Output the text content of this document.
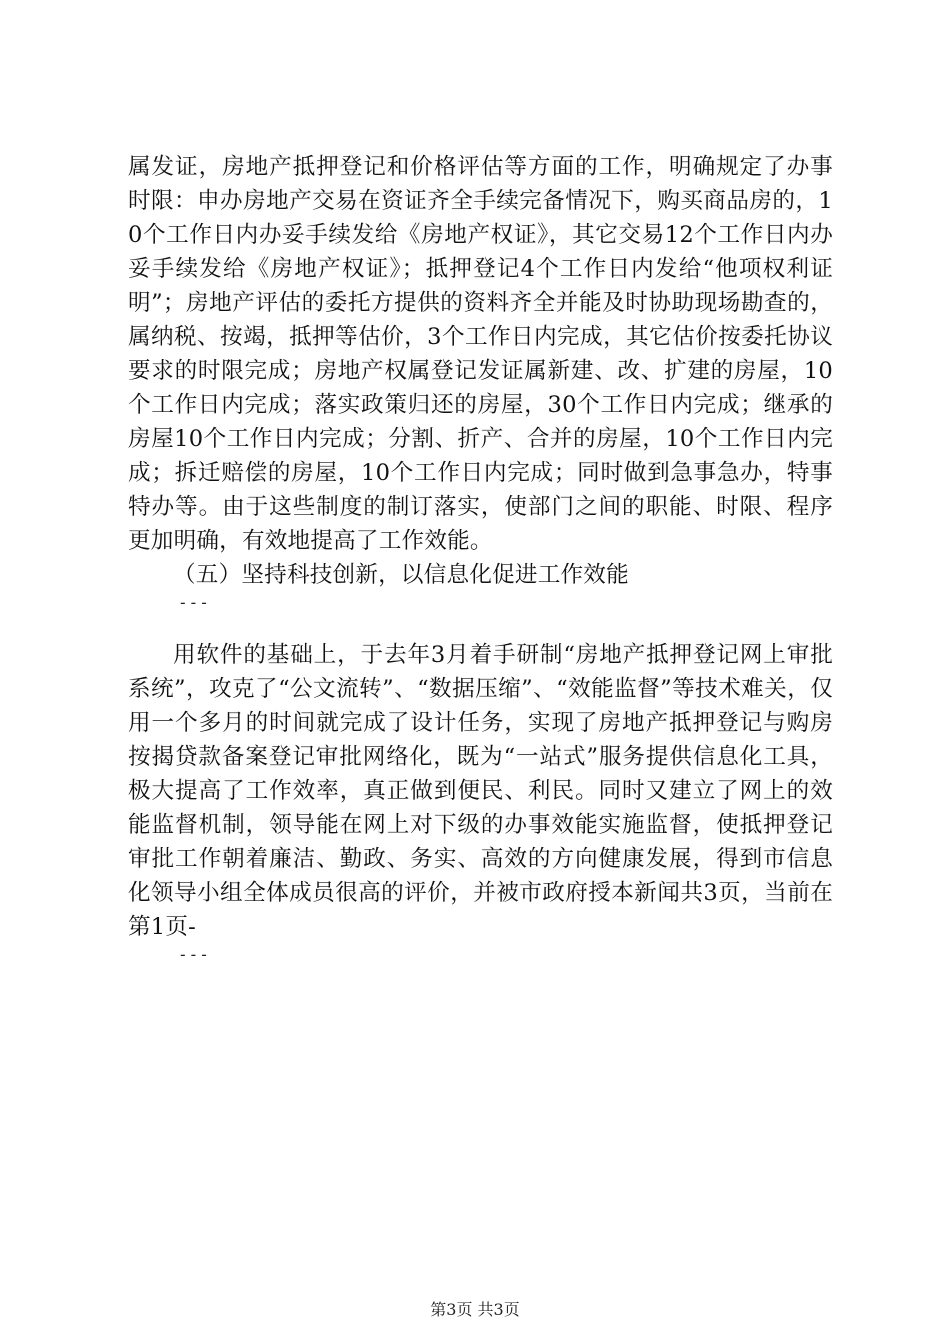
属发证，房地产抵押登记和价格评估等方面的工作，明确规定了办事时限：申办房地产交易在资证齐全手续完备情况下，购买商品房的，10个工作日内办妥手续发给《房地产权证》，其它交易12个工作日内办妥手续发给《房地产权证》；抵押登记4个工作日内发给“他项权利证明”；房地产评估的委托方提供的资料齐全并能及时协助现场勘查的，属纳税、按竭，抵押等估价，3个工作日内完成，其它估价按委托协议要求的时限完成；房地产权属登记发证属新建、改、扩建的房屋，10个工作日内完成；落实政策归还的房屋，30个工作日内完成；继承的房屋10个工作日内完成；分割、折产、合并的房屋，10个工作日内完成；拆迁赔偿的房屋，10个工作日内完成；同时做到急事急办，特事特办等。由于这些制度的制订落实，使部门之间的职能、时限、程序更加明确，有效地提高了工作效能。

（五）坚持科技创新，以信息化促进工作效能

---

用软件的基础上，于去年3月着手研制“房地产抵押登记网上审批系统”，攻克了“公文流转”、“数据压缩”、“效能监督”等技术难关，仅用一个多月的时间就完成了设计任务，实现了房地产抵押登记与购房按揭贷款备案登记审批网络化，既为“一站式”服务提供信息化工具，极大提高了工作效率，真正做到便民、利民。同时又建立了网上的效能监督机制，领导能在网上对下级的办事效能实施监督，使抵押登记审批工作朝着廉洁、勤政、务实、高效的方向健康发展，得到市信息化领导小组全体成员很高的评价，并被市政府授本新闻共3页，当前在第1页-

---

第3页 共3页
